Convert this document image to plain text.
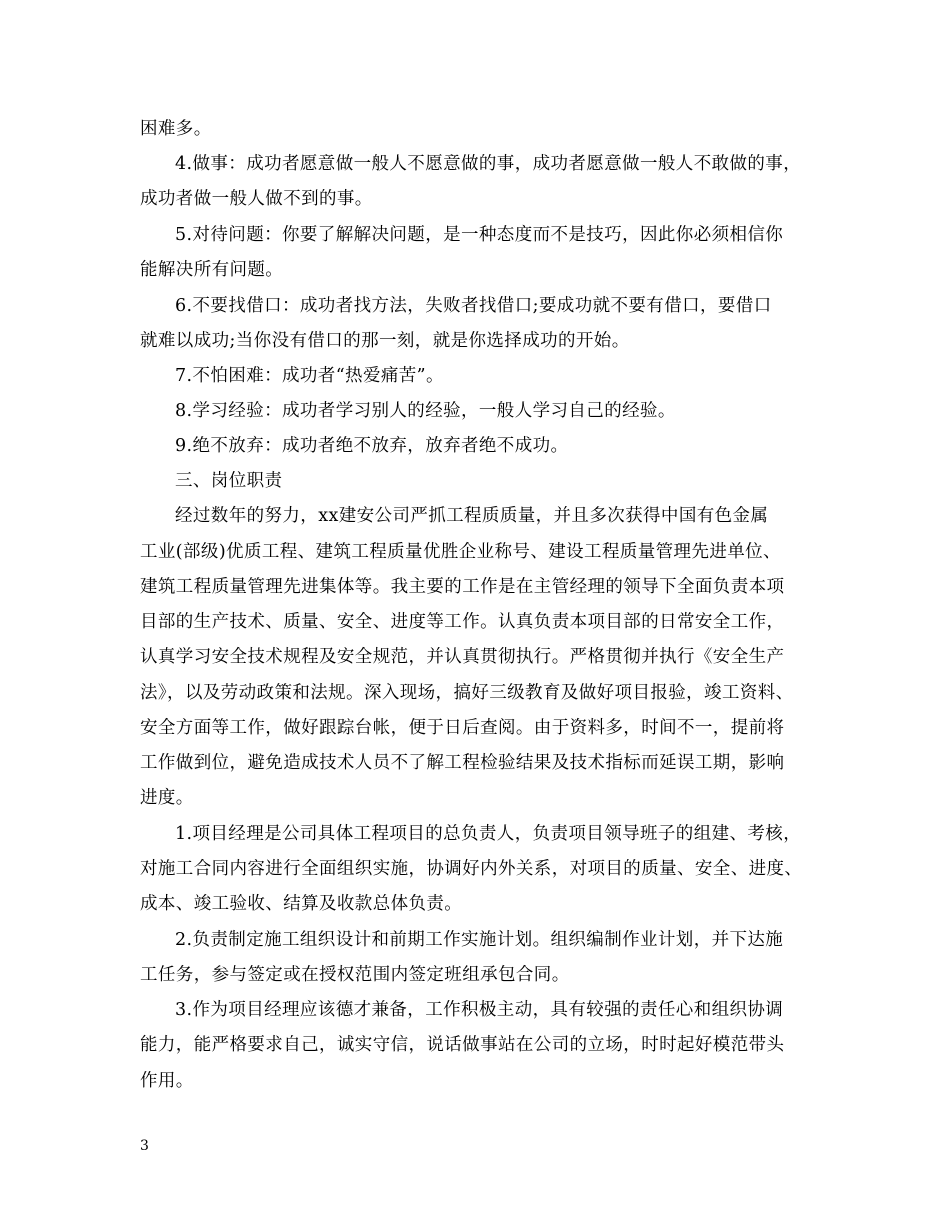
困难多。
4.做事：成功者愿意做一般人不愿意做的事，成功者愿意做一般人不敢做的事，
成功者做一般人做不到的事。
5.对待问题：你要了解解决问题，是一种态度而不是技巧，因此你必须相信你
能解决所有问题。
6.不要找借口：成功者找方法，失败者找借口;要成功就不要有借口，要借口
就难以成功;当你没有借口的那一刻，就是你选择成功的开始。
7.不怕困难：成功者“热爱痛苦”。
8.学习经验：成功者学习别人的经验，一般人学习自己的经验。
9.绝不放弃：成功者绝不放弃，放弃者绝不成功。
三、岗位职责
经过数年的努力，xx建安公司严抓工程质质量，并且多次获得中国有色金属
工业(部级)优质工程、建筑工程质量优胜企业称号、建设工程质量管理先进单位、
建筑工程质量管理先进集体等。我主要的工作是在主管经理的领导下全面负责本项
目部的生产技术、质量、安全、进度等工作。认真负责本项目部的日常安全工作，
认真学习安全技术规程及安全规范，并认真贯彻执行。严格贯彻并执行《安全生产
法》，以及劳动政策和法规。深入现场，搞好三级教育及做好项目报验，竣工资料、
安全方面等工作，做好跟踪台帐，便于日后查阅。由于资料多，时间不一，提前将
工作做到位，避免造成技术人员不了解工程检验结果及技术指标而延误工期，影响
进度。
1.项目经理是公司具体工程项目的总负责人，负责项目领导班子的组建、考核，
对施工合同内容进行全面组织实施，协调好内外关系，对项目的质量、安全、进度、
成本、竣工验收、结算及收款总体负责。
2.负责制定施工组织设计和前期工作实施计划。组织编制作业计划，并下达施
工任务，参与签定或在授权范围内签定班组承包合同。
3.作为项目经理应该德才兼备，工作积极主动，具有较强的责任心和组织协调
能力，能严格要求自己，诚实守信，说话做事站在公司的立场，时时起好模范带头
作用。
3
